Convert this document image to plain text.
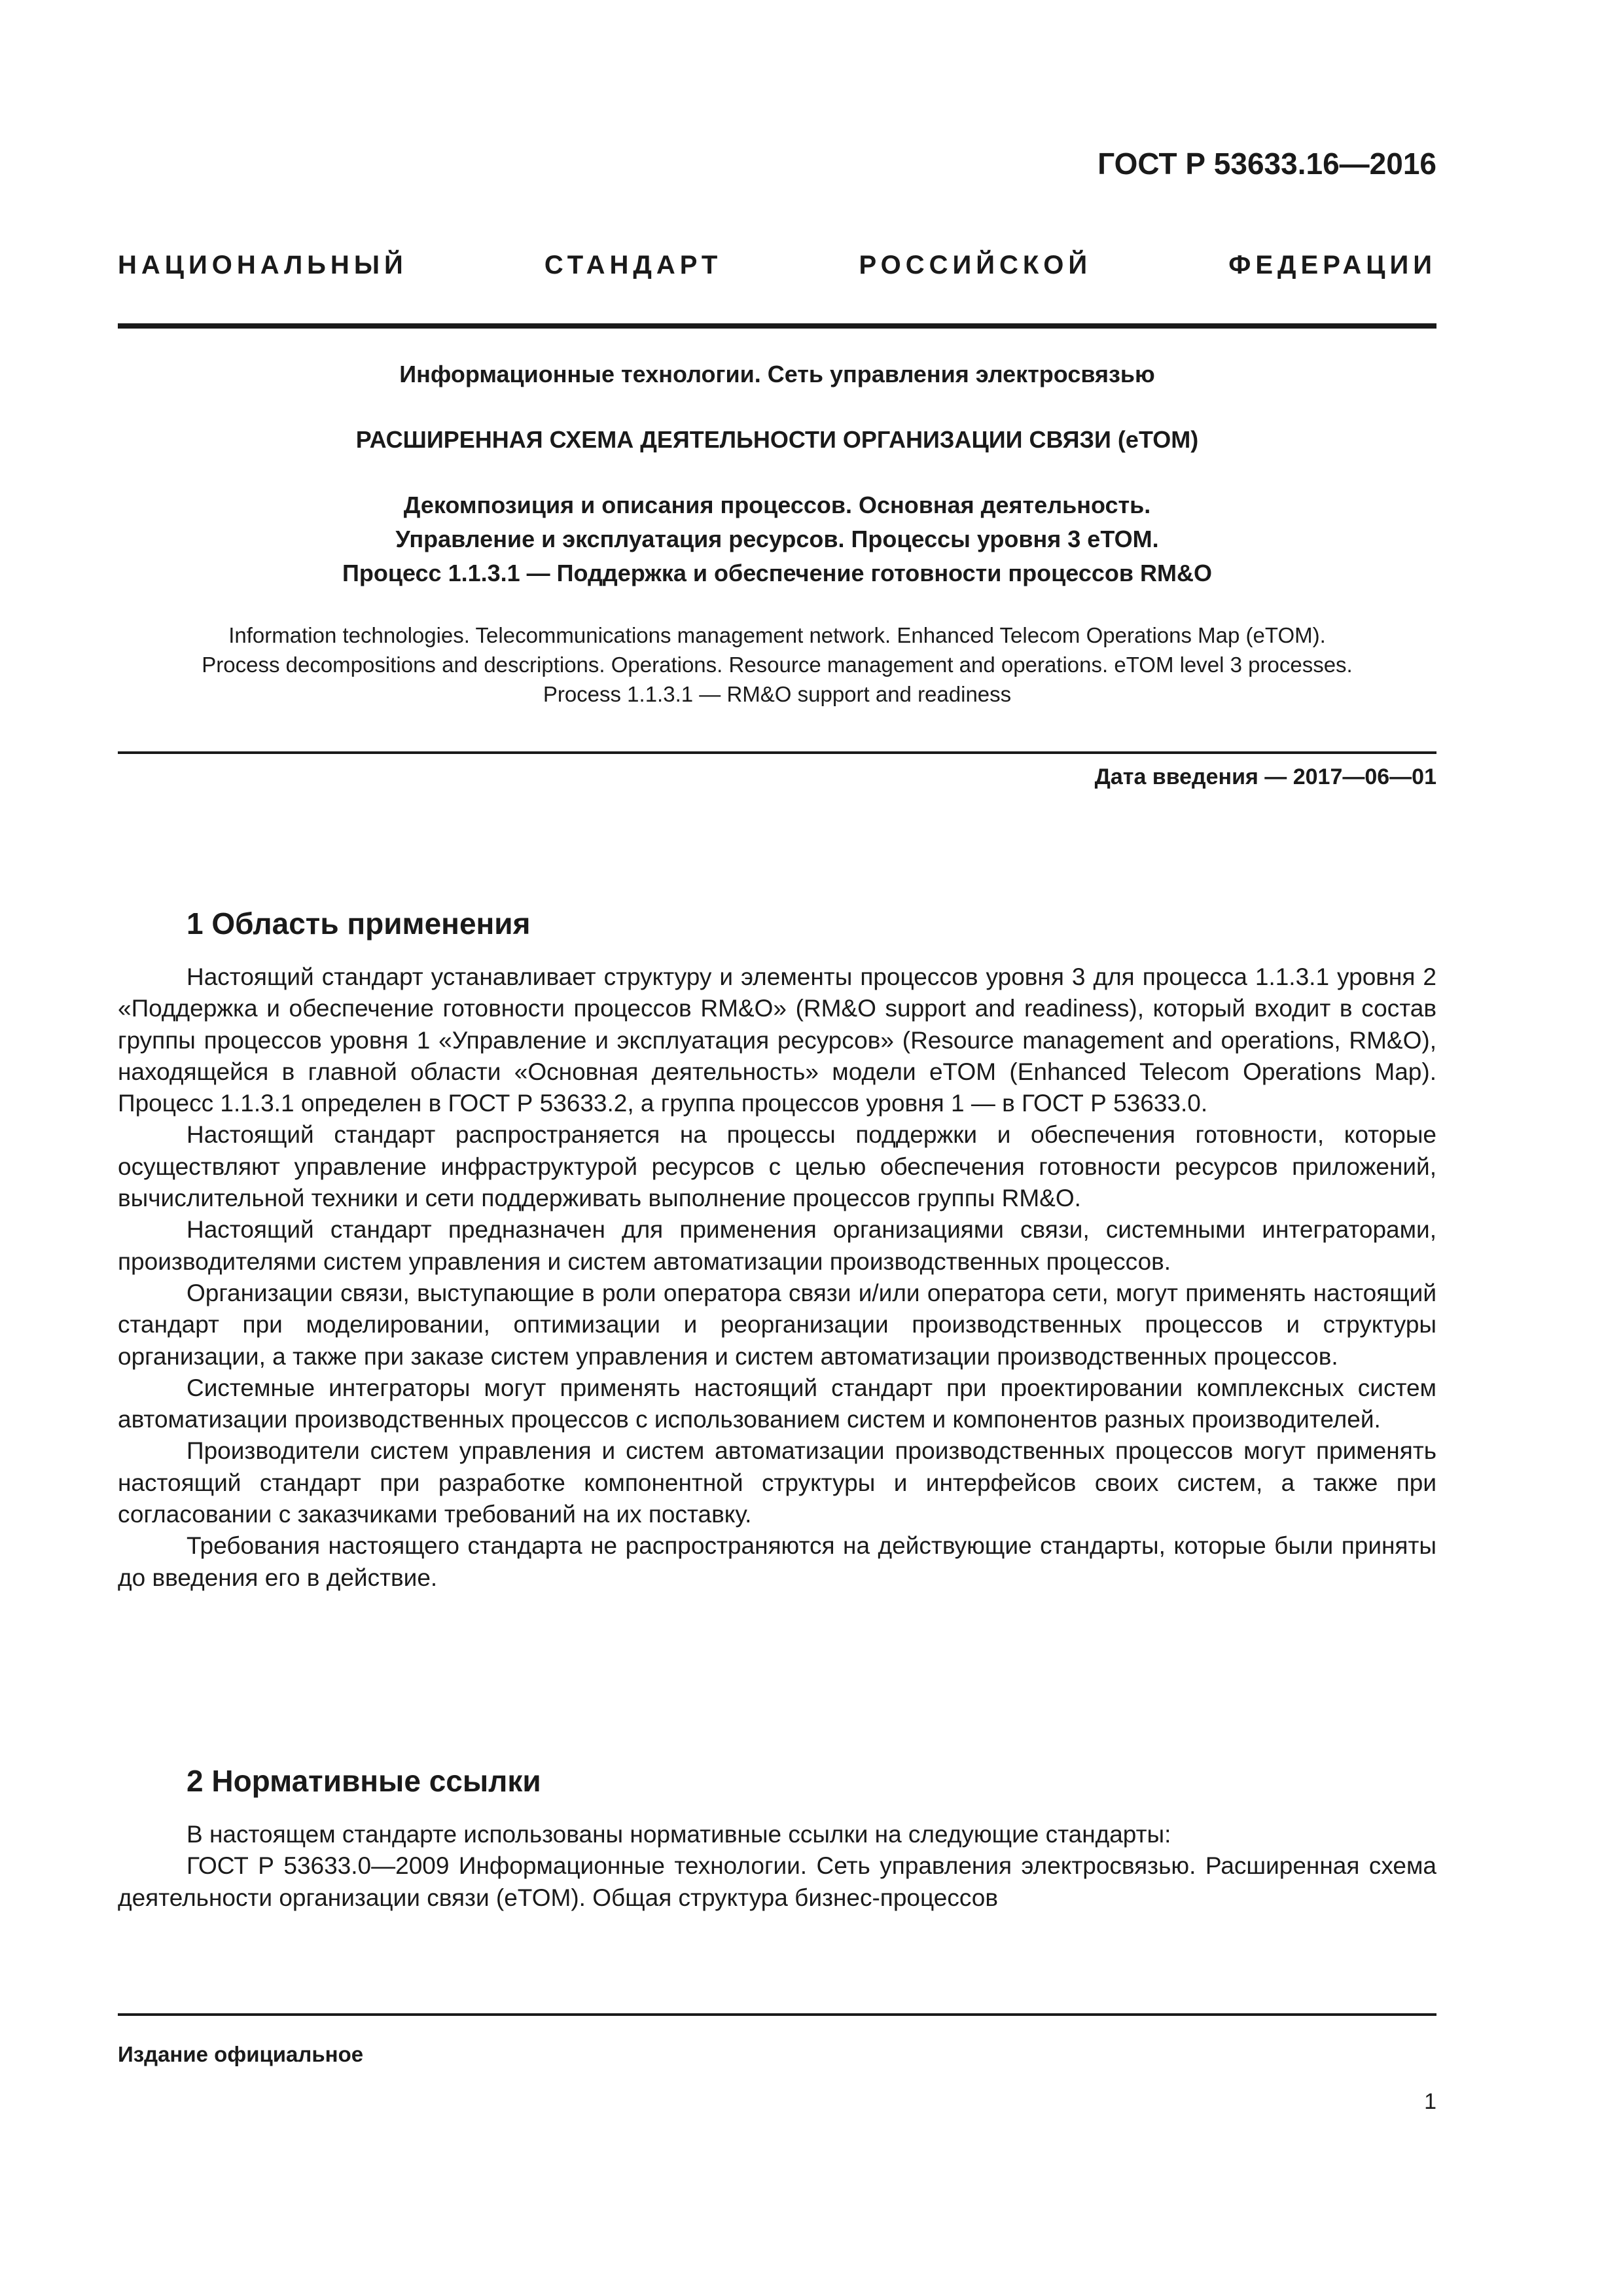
ГОСТ Р 53633.16—2016
НАЦИОНАЛЬНЫЙ СТАНДАРТ РОССИЙСКОЙ ФЕДЕРАЦИИ
Информационные технологии. Сеть управления электросвязью
РАСШИРЕННАЯ СХЕМА ДЕЯТЕЛЬНОСТИ ОРГАНИЗАЦИИ СВЯЗИ (eTOM)
Декомпозиция и описания процессов. Основная деятельность.
Управление и эксплуатация ресурсов. Процессы уровня 3 eTOM.
Процесс 1.1.3.1 — Поддержка и обеспечение готовности процессов RM&O
Information technologies. Telecommunications management network. Enhanced Telecom Operations Map (eTOM).
Process decompositions and descriptions. Operations. Resource management and operations. eTOM level 3 processes.
Process 1.1.3.1 — RM&O support and readiness
Дата введения — 2017—06—01
1 Область применения

Настоящий стандарт устанавливает структуру и элементы процессов уровня 3 для процесса 1.1.3.1 уровня 2 «Поддержка и обеспечение готовности процессов RM&O» (RM&O support and readiness), который входит в состав группы процессов уровня 1 «Управление и эксплуатация ресурсов» (Resource management and operations, RM&O), находящейся в главной области «Основная деятельность» модели eTOM (Enhanced Telecom Operations Map). Процесс 1.1.3.1 определен в ГОСТ Р 53633.2, а группа процессов уровня 1 — в ГОСТ Р 53633.0.

Настоящий стандарт распространяется на процессы поддержки и обеспечения готовности, которые осуществляют управление инфраструктурой ресурсов с целью обеспечения готовности ресурсов приложений, вычислительной техники и сети поддерживать выполнение процессов группы RM&O.

Настоящий стандарт предназначен для применения организациями связи, системными интеграторами, производителями систем управления и систем автоматизации производственных процессов.

Организации связи, выступающие в роли оператора связи и/или оператора сети, могут применять настоящий стандарт при моделировании, оптимизации и реорганизации производственных процессов и структуры организации, а также при заказе систем управления и систем автоматизации производственных процессов.

Системные интеграторы могут применять настоящий стандарт при проектировании комплексных систем автоматизации производственных процессов с использованием систем и компонентов разных производителей.

Производители систем управления и систем автоматизации производственных процессов могут применять настоящий стандарт при разработке компонентной структуры и интерфейсов своих систем, а также при согласовании с заказчиками требований на их поставку.

Требования настоящего стандарта не распространяются на действующие стандарты, которые были приняты до введения его в действие.

2 Нормативные ссылки

В настоящем стандарте использованы нормативные ссылки на следующие стандарты:

ГОСТ Р 53633.0—2009 Информационные технологии. Сеть управления электросвязью. Расширенная схема деятельности организации связи (eTOM). Общая структура бизнес-процессов

Издание официальное
1
